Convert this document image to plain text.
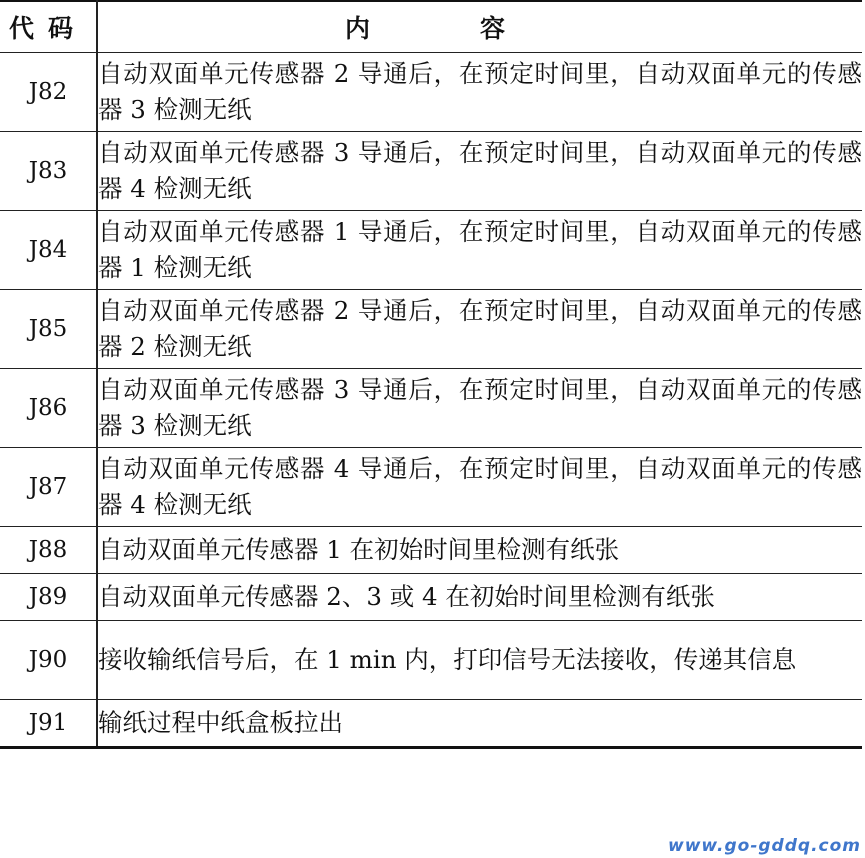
代码	内容
J82	自动双面单元传感器 2 导通后，在预定时间里，自动双面单元的传感器 3 检测无纸
J83	自动双面单元传感器 3 导通后，在预定时间里，自动双面单元的传感器 4 检测无纸
J84	自动双面单元传感器 1 导通后，在预定时间里，自动双面单元的传感器 1 检测无纸
J85	自动双面单元传感器 2 导通后，在预定时间里，自动双面单元的传感器 2 检测无纸
J86	自动双面单元传感器 3 导通后，在预定时间里，自动双面单元的传感器 3 检测无纸
J87	自动双面单元传感器 4 导通后，在预定时间里，自动双面单元的传感器 4 检测无纸
J88	自动双面单元传感器 1 在初始时间里检测有纸张
J89	自动双面单元传感器 2、3 或 4 在初始时间里检测有纸张
J90	接收输纸信号后，在 1 min 内，打印信号无法接收，传递其信息
J91	输纸过程中纸盒板拉出
www.go-gddq.com
